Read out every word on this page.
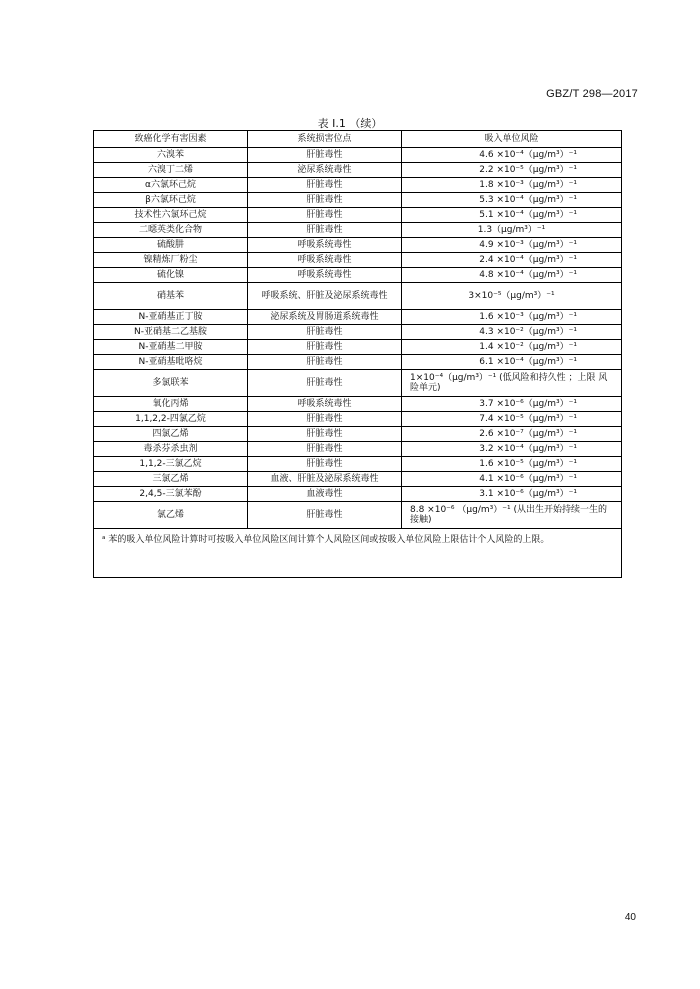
GBZ/T 298—2017
表 I.1 （续）
致癌化学有害因素	系统损害位点	吸入单位风险
六溴苯	肝脏毒性	4.6 ×10⁻⁴（μg/m³）⁻¹
六溴丁二烯	泌尿系统毒性	2.2 ×10⁻⁵（μg/m³）⁻¹
α六氯环己烷	肝脏毒性	1.8 ×10⁻³（μg/m³）⁻¹
β六氯环己烷	肝脏毒性	5.3 ×10⁻⁴（μg/m³）⁻¹
技术性六氯环己烷	肝脏毒性	5.1 ×10⁻⁴（μg/m³）⁻¹
二噁英类化合物	肝脏毒性	1.3（μg/m³）⁻¹
硫酸肼	呼吸系统毒性	4.9 ×10⁻³（μg/m³）⁻¹
镍精炼厂粉尘	呼吸系统毒性	2.4 ×10⁻⁴（μg/m³）⁻¹
硫化镍	呼吸系统毒性	4.8 ×10⁻⁴（μg/m³）⁻¹
硝基苯	呼吸系统、肝脏及泌尿系统毒性	3×10⁻⁵（μg/m³）⁻¹
N-亚硝基正丁胺	泌尿系统及胃肠道系统毒性	1.6 ×10⁻³（μg/m³）⁻¹
N-亚硝基二乙基胺	肝脏毒性	4.3 ×10⁻²（μg/m³）⁻¹
N-亚硝基二甲胺	肝脏毒性	1.4 ×10⁻²（μg/m³）⁻¹
N-亚硝基吡咯烷	肝脏毒性	6.1 ×10⁻⁴（μg/m³）⁻¹
多氯联苯	肝脏毒性	1×10⁻⁴（μg/m³）⁻¹ (低风险和持久性 ；上限 风险单元)
氧化丙烯	呼吸系统毒性	3.7 ×10⁻⁶（μg/m³）⁻¹
1,1,2,2-四氯乙烷	肝脏毒性	7.4 ×10⁻⁵（μg/m³）⁻¹
四氯乙烯	肝脏毒性	2.6 ×10⁻⁷（μg/m³）⁻¹
毒杀芬杀虫剂	肝脏毒性	3.2 ×10⁻⁴（μg/m³）⁻¹
1,1,2-三氯乙烷	肝脏毒性	1.6 ×10⁻⁵（μg/m³）⁻¹
三氯乙烯	血液、肝脏及泌尿系统毒性	4.1 ×10⁻⁶（μg/m³）⁻¹
2,4,5-三氯苯酚	血液毒性	3.1 ×10⁻⁶（μg/m³）⁻¹
氯乙烯	肝脏毒性	8.8 ×10⁻⁶ （μg/m³）⁻¹ (从出生开始持续一生的接触)
ᵃ 苯的吸入单位风险计算时可按吸入单位风险区间计算个人风险区间或按吸入单位风险上限估计个人风险的上限。		
40
